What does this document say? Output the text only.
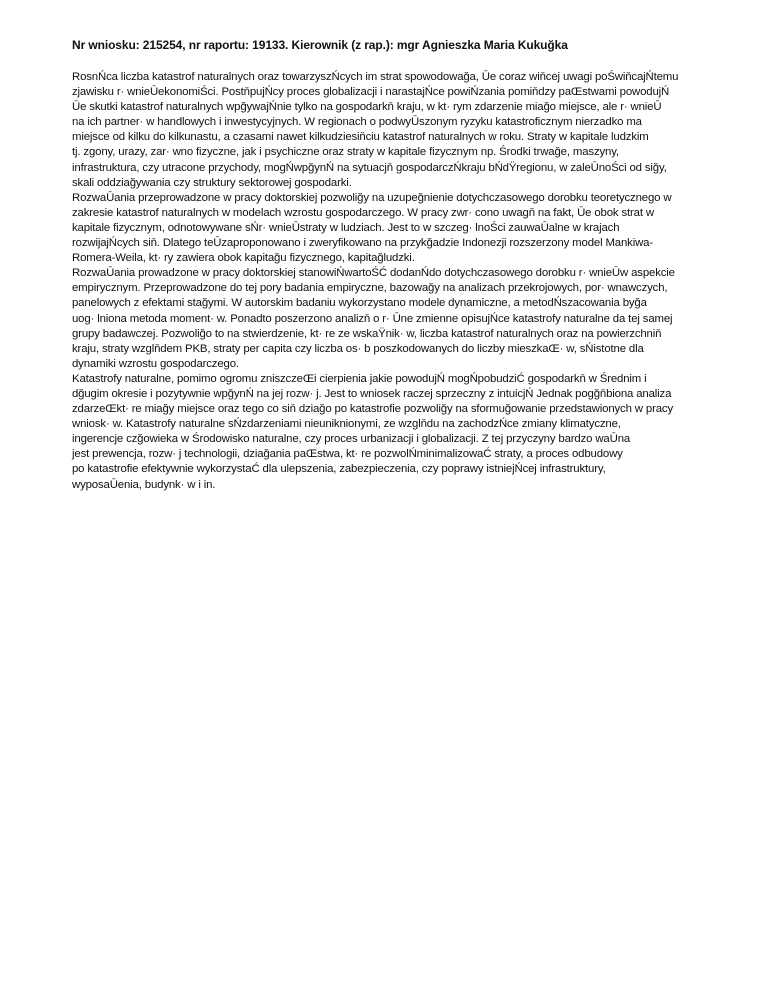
Nr wniosku: 215254, nr raportu: 19133. Kierownik (z rap.): mgr Agnieszka Maria Kukuğka
RosnŃca liczba katastrof naturalnych oraz towarzyszŃcych im strat spowodowağa, Ūe coraz wiňcej uwagi poŚwiňcajŃtemu
zjawisku r· wnieŪekonomiŚci. PostňpujŃcy proces globalizacji i narastajŃce powiŃzania pomiňdzy paŒstwami powodujŃ
Ūe skutki katastrof naturalnych wpğywajŃnie tylko na gospodarkň kraju, w kt· rym zdarzenie miağo miejsce, ale r· wnieŪ
na ich partner· w handlowych i inwestycyjnych. W regionach o podwyŪszonym ryzyku katastroficznym nierzadko ma
miejsce od kilku do kilkunastu, a czasami nawet kilkudziesiňciu katastrof naturalnych w roku. Straty w kapitale ludzkim
tj. zgony, urazy, zar· wno fizyczne, jak i psychiczne oraz straty w kapitale fizycznym np. Środki trwağe, maszyny,
infrastruktura, czy utracone przychody, mogŃwpğynŃ na sytuacjň gospodarczŃkraju bŃdŸregionu, w zaleŪnoŚci od siğy,
skali oddziağywania czy struktury sektorowej gospodarki.
RozwaŪania przeprowadzone w pracy doktorskiej pozwoliğy na uzupeğnienie dotychczasowego dorobku teoretycznego w
zakresie katastrof naturalnych w modelach wzrostu gospodarczego. W pracy zwr· cono uwagň na fakt, Ūe obok strat w
kapitale fizycznym, odnotowywane sŃr· wnieŪstraty w ludziach. Jest to w szczeg· lnoŚci zauwaŪalne w krajach
rozwijajŃcych siň. Dlatego teŪzaproponowano i zweryfikowano na przykğadzie Indonezji rozszerzony model Mankiwa-
Romera-Weila, kt· ry zawiera obok kapitağu fizycznego, kapitağludzki.
RozwaŪania prowadzone w pracy doktorskiej stanowiŃwartoŚĆ dodanŃdo dotychczasowego dorobku r· wnieŪw aspekcie
empirycznym. Przeprowadzone do tej pory badania empiryczne, bazowağy na analizach przekrojowych, por· wnawczych,
panelowych z efektami stağymi. W autorskim badaniu wykorzystano modele dynamiczne, a metodŃszacowania byğa
uog· lniona metoda moment· w. Ponadto poszerzono analizň o r· Ūne zmienne opisujŃce katastrofy naturalne da tej samej
grupy badawczej. Pozwoliğo to na stwierdzenie, kt· re ze wskaŸnik· w, liczba katastrof naturalnych oraz na powierzchniň
kraju, straty wzglňdem PKB, straty per capita czy liczba os· b poszkodowanych do liczby mieszkaŒ· w, sŃistotne dla
dynamiki wzrostu gospodarczego.
Katastrofy naturalne, pomimo ogromu zniszczeŒi cierpienia jakie powodujŃ mogŃpobudziĆ gospodarkň w Średnim i
dğugim okresie i pozytywnie wpğynŃ na jej rozw· j. Jest to wniosek raczej sprzeczny z intuicjŃ Jednak pogğňbiona analiza
zdarzeŒkt· re miağy miejsce oraz tego co siň dziağo po katastrofie pozwoliğy na sformuğowanie przedstawionych w pracy
wniosk· w. Katastrofy naturalne sŃzdarzeniami nieuniknionymi, ze wzglňdu na zachodzŃce zmiany klimatyczne,
ingerencje czğowieka w Środowisko naturalne, czy proces urbanizacji i globalizacji. Z tej przyczyny bardzo waŪna
jest prewencja, rozw· j technologii, dziağania paŒstwa, kt· re pozwolŃminimalizowaĆ straty, a proces odbudowy
po katastrofie efektywnie wykorzystaĆ dla ulepszenia, zabezpieczenia, czy poprawy istniejŃcej infrastruktury,
wyposaŪenia, budynk· w i in.
